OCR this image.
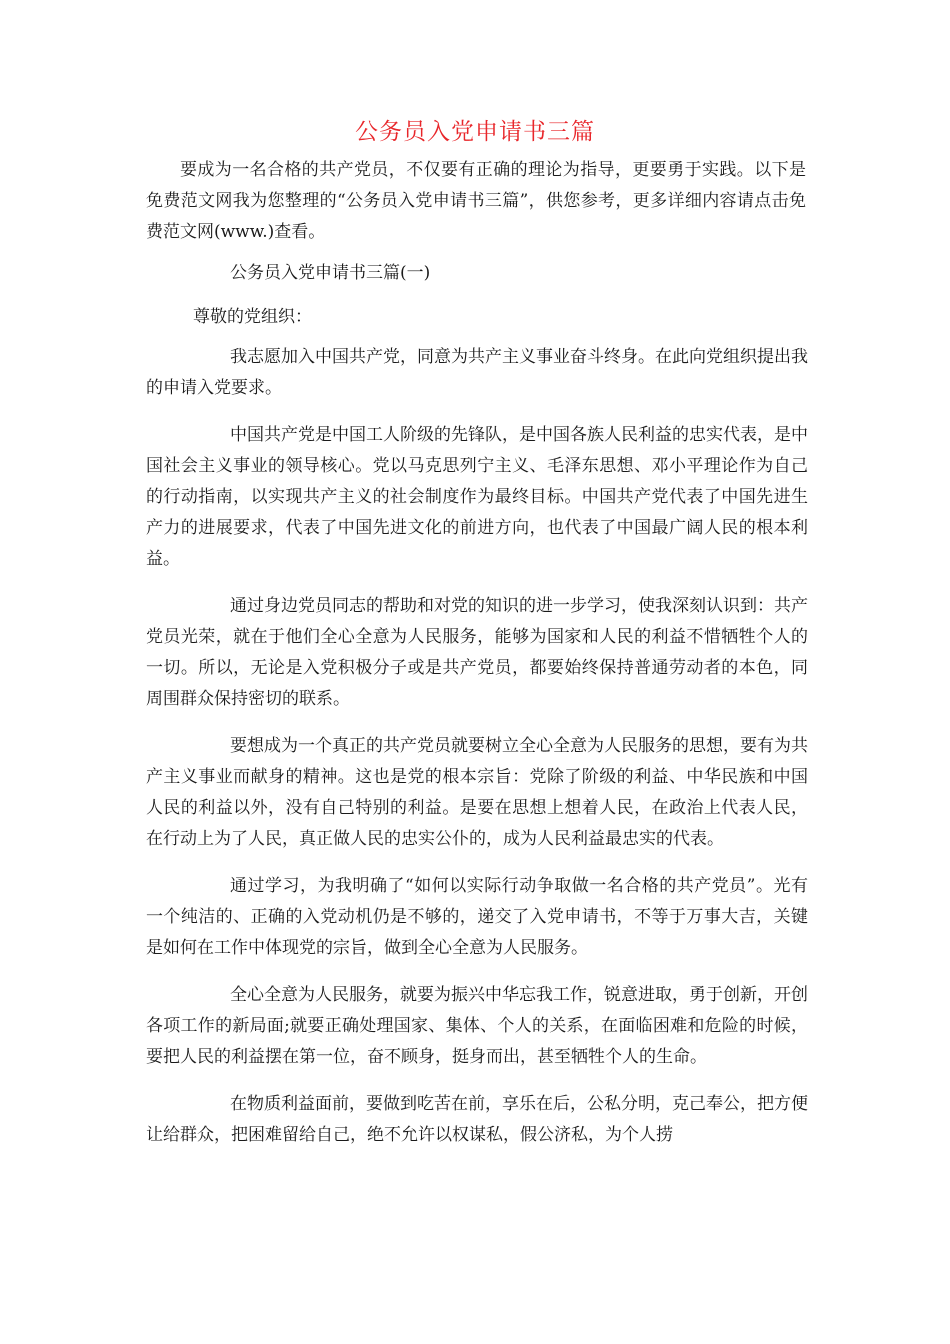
公务员入党申请书三篇

要成为一名合格的共产党员，不仅要有正确的理论为指导，更要勇于实践。以下是免费范文网我为您整理的“公务员入党申请书三篇”，供您参考，更多详细内容请点击免费范文网(www.)查看。

公务员入党申请书三篇(一)

尊敬的党组织：

我志愿加入中国共产党，同意为共产主义事业奋斗终身。在此向党组织提出我的申请入党要求。

中国共产党是中国工人阶级的先锋队，是中国各族人民利益的忠实代表，是中国社会主义事业的领导核心。党以马克思列宁主义、毛泽东思想、邓小平理论作为自己的行动指南，以实现共产主义的社会制度作为最终目标。中国共产党代表了中国先进生产力的进展要求，代表了中国先进文化的前进方向，也代表了中国最广阔人民的根本利益。

通过身边党员同志的帮助和对党的知识的进一步学习，使我深刻认识到：共产党员光荣，就在于他们全心全意为人民服务，能够为国家和人民的利益不惜牺牲个人的一切。所以，无论是入党积极分子或是共产党员，都要始终保持普通劳动者的本色，同周围群众保持密切的联系。

要想成为一个真正的共产党员就要树立全心全意为人民服务的思想，要有为共产主义事业而献身的精神。这也是党的根本宗旨：党除了阶级的利益、中华民族和中国人民的利益以外，没有自己特别的利益。是要在思想上想着人民，在政治上代表人民，在行动上为了人民，真正做人民的忠实公仆的，成为人民利益最忠实的代表。

通过学习，为我明确了“如何以实际行动争取做一名合格的共产党员”。光有一个纯洁的、正确的入党动机仍是不够的，递交了入党申请书，不等于万事大吉，关键是如何在工作中体现党的宗旨，做到全心全意为人民服务。

全心全意为人民服务，就要为振兴中华忘我工作，锐意进取，勇于创新，开创各项工作的新局面;就要正确处理国家、集体、个人的关系，在面临困难和危险的时候，要把人民的利益摆在第一位，奋不顾身，挺身而出，甚至牺牲个人的生命。

在物质利益面前，要做到吃苦在前，享乐在后，公私分明，克己奉公，把方便让给群众，把困难留给自己，绝不允许以权谋私，假公济私，为个人捞
